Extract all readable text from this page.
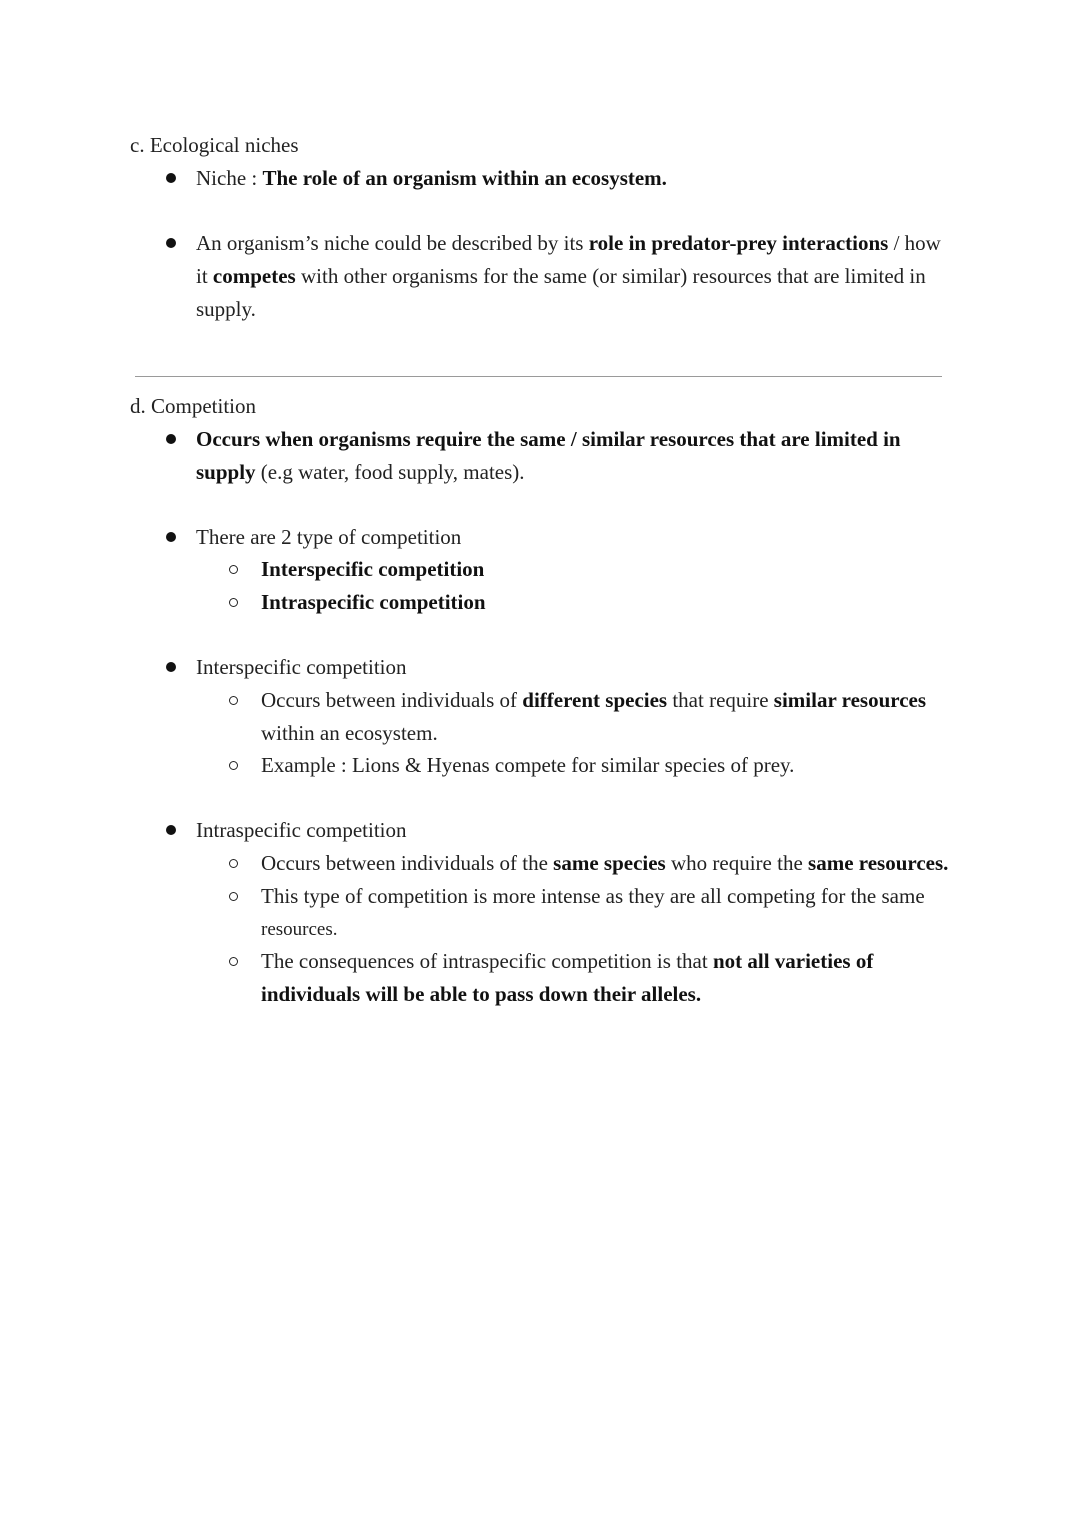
c. Ecological niches
Niche : The role of an organism within an ecosystem.
An organism’s niche could be described by its role in predator-prey interactions / how
it competes with other organisms for the same (or similar) resources that are limited in
supply.
d. Competition
Occurs when organisms require the same / similar resources that are limited in
supply (e.g water, food supply, mates).
There are 2 type of competition
Interspecific competition
Intraspecific competition
Interspecific competition
Occurs between individuals of different species that require similar resources
within an ecosystem.
Example : Lions & Hyenas compete for similar species of prey.
Intraspecific competition
Occurs between individuals of the same species who require the same resources.
This type of competition is more intense as they are all competing for the same
resources.
The consequences of intraspecific competition is that not all varieties of
individuals will be able to pass down their alleles.
